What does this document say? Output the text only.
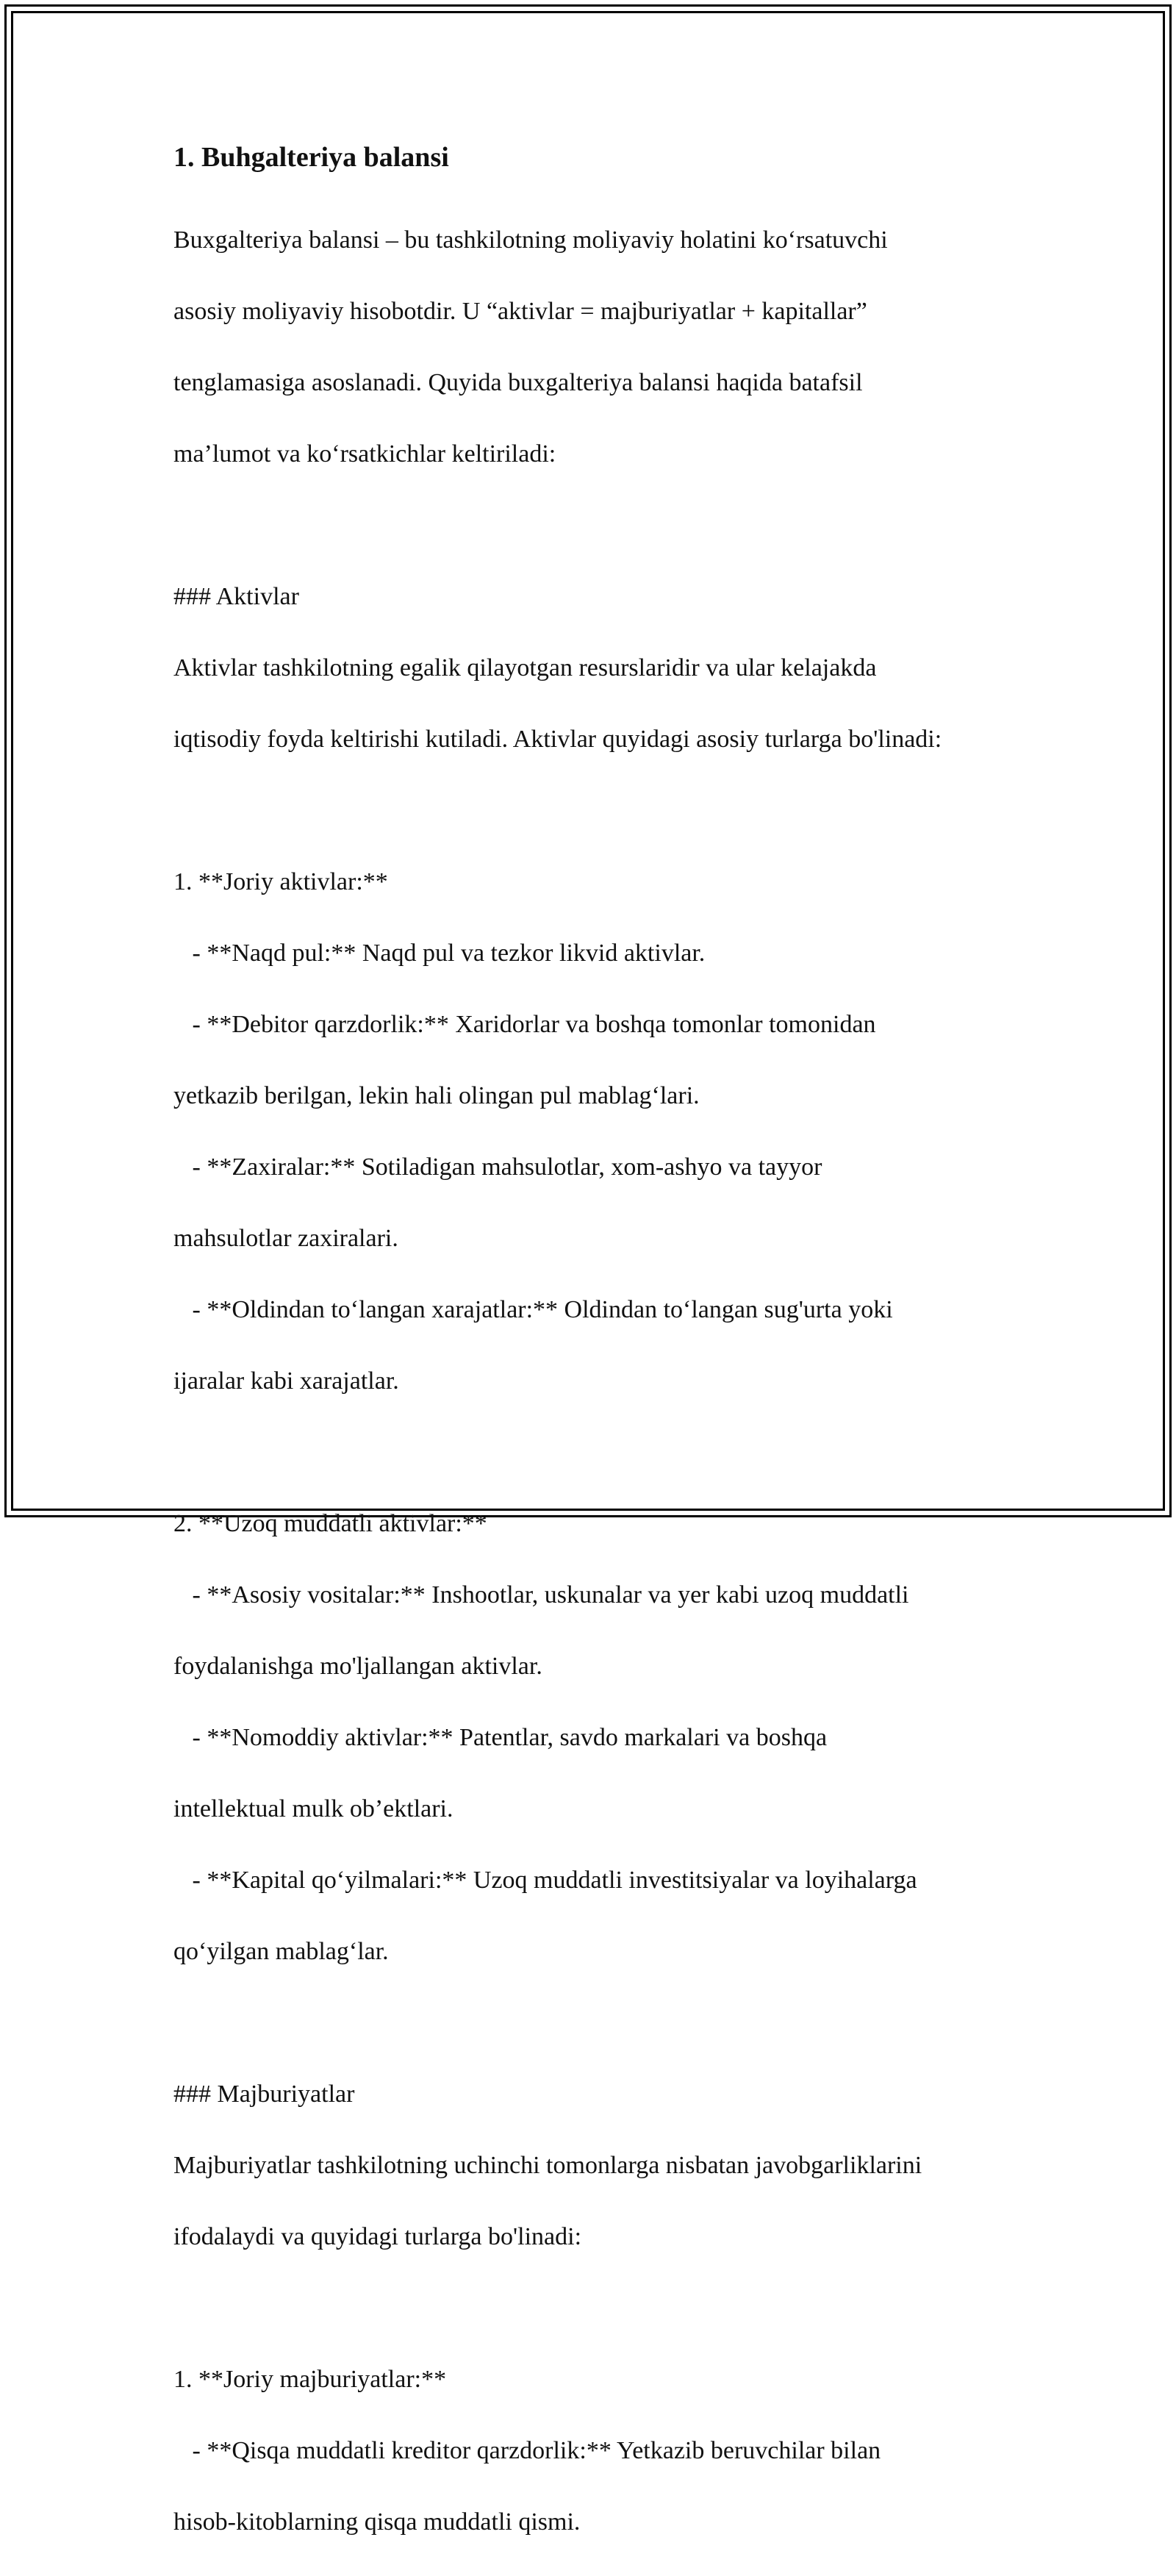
1. Buhgalteriya balansi

Buxgalteriya balansi – bu tashkilotning moliyaviy holatini ko‘rsatuvchi

asosiy moliyaviy hisobotdir. U “aktivlar = majburiyatlar + kapitallar”

tenglamasiga asoslanadi. Quyida buxgalteriya balansi haqida batafsil

ma’lumot va ko‘rsatkichlar keltiriladi:

### Aktivlar

Aktivlar tashkilotning egalik qilayotgan resurslaridir va ular kelajakda

iqtisodiy foyda keltirishi kutiladi. Aktivlar quyidagi asosiy turlarga bo'linadi:

1. **Joriy aktivlar:**

- **Naqd pul:** Naqd pul va tezkor likvid aktivlar.

- **Debitor qarzdorlik:** Xaridorlar va boshqa tomonlar tomonidan

yetkazib berilgan, lekin hali olingan pul mablag‘lari.

- **Zaxiralar:** Sotiladigan mahsulotlar, xom-ashyo va tayyor

mahsulotlar zaxiralari.

- **Oldindan to‘langan xarajatlar:** Oldindan to‘langan sug'urta yoki

ijaralar kabi xarajatlar.

2. **Uzoq muddatli aktivlar:**

- **Asosiy vositalar:** Inshootlar, uskunalar va yer kabi uzoq muddatli

foydalanishga mo'ljallangan aktivlar.

- **Nomoddiy aktivlar:** Patentlar, savdo markalari va boshqa

intellektual mulk ob’ektlari.

- **Kapital qo‘yilmalari:** Uzoq muddatli investitsiyalar va loyihalarga

qo‘yilgan mablag‘lar.

### Majburiyatlar

Majburiyatlar tashkilotning uchinchi tomonlarga nisbatan javobgarliklarini

ifodalaydi va quyidagi turlarga bo'linadi:

1. **Joriy majburiyatlar:**

- **Qisqa muddatli kreditor qarzdorlik:** Yetkazib beruvchilar bilan

hisob-kitoblarning qisqa muddatli qismi.
